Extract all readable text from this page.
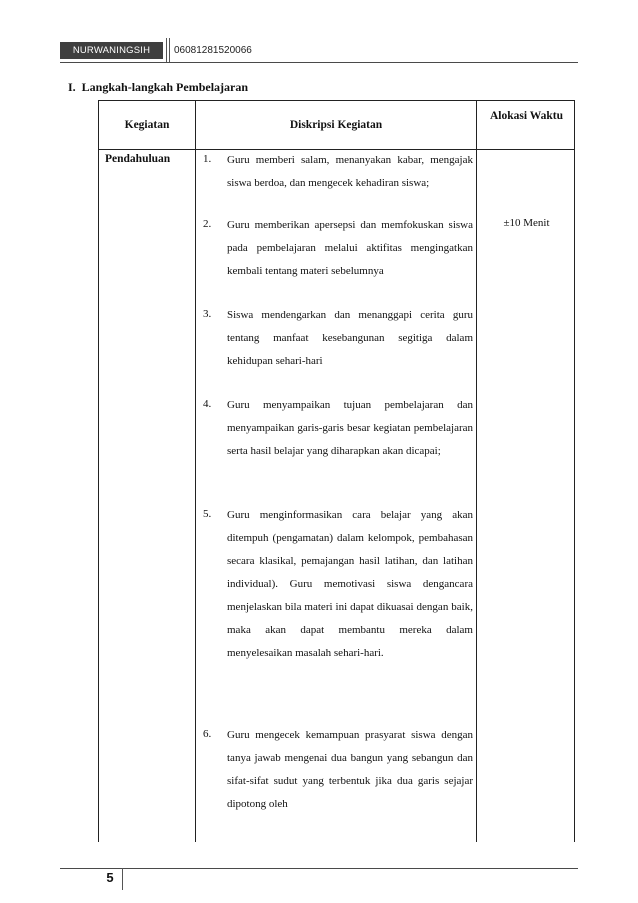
NURWANINGSIH	06081281520066
I. Langkah-langkah Pembelajaran
Kegiatan	Diskripsi Kegiatan
Alokasi Waktu
Pendahuluan
±10 Menit
1. Guru memberi salam, menanyakan kabar, mengajak siswa berdoa, dan mengecek kehadiran siswa;
2. Guru memberikan apersepsi dan memfokuskan siswa pada pembelajaran melalui aktifitas mengingatkan kembali tentang materi sebelumnya
3. Siswa mendengarkan dan menanggapi cerita guru tentang manfaat kesebangunan segitiga dalam kehidupan sehari-hari
4. Guru menyampaikan tujuan pembelajaran dan menyampaikan garis-garis besar kegiatan pembelajaran serta hasil belajar yang diharapkan akan dicapai;
5. Guru menginformasikan cara belajar yang akan ditempuh (pengamatan) dalam kelompok, pembahasan secara klasikal, pemajangan hasil latihan, dan latihan individual). Guru memotivasi siswa dengancara menjelaskan bila materi ini dapat dikuasai dengan baik, maka akan dapat membantu mereka dalam menyelesaikan masalah sehari-hari.
6. Guru mengecek kemampuan prasyarat siswa dengan tanya jawab mengenai dua bangun yang sebangun dan sifat-sifat sudut yang terbentuk jika dua garis sejajar dipotong oleh
5
